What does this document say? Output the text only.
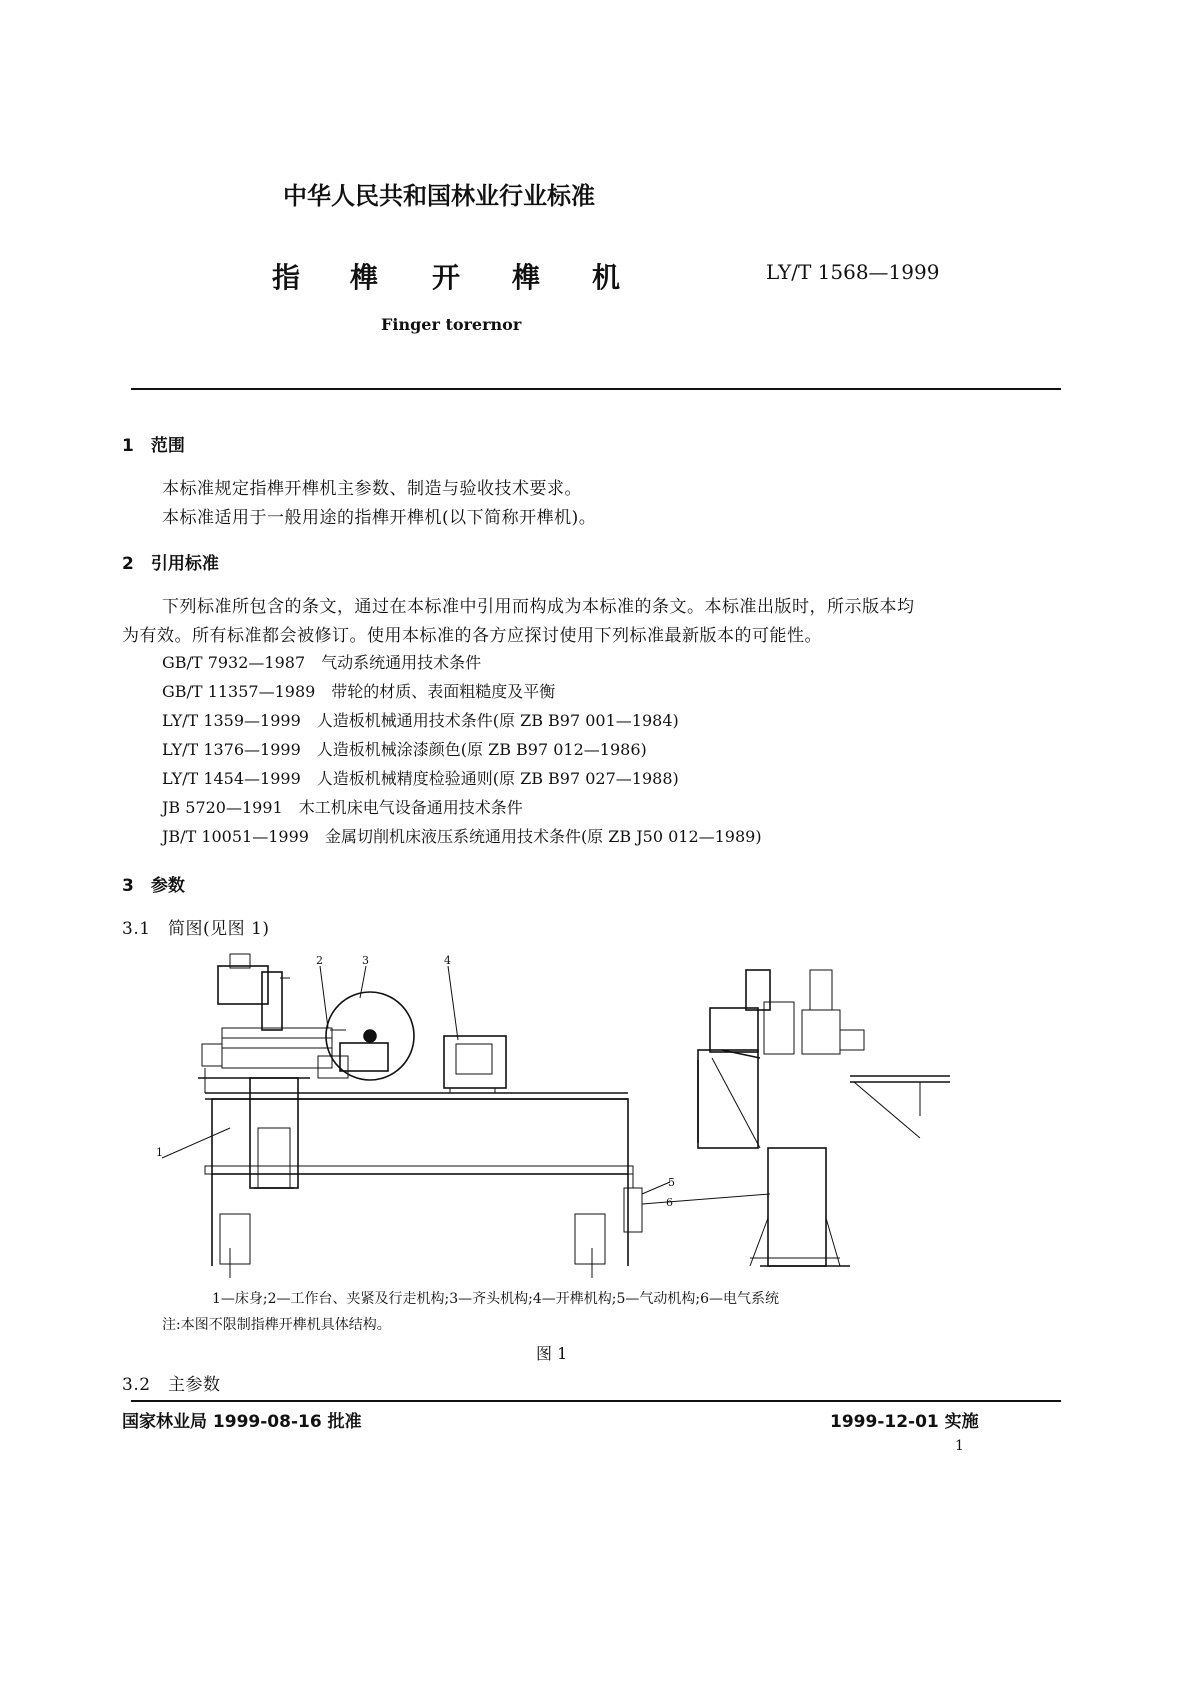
中华人民共和国林业行业标准
指 榫 开 榫 机	LY/T 1568—1999
Finger torernor
1　范围
本标准规定指榫开榫机主参数、制造与验收技术要求。
本标准适用于一般用途的指榫开榫机(以下简称开榫机)。
2　引用标准
下列标准所包含的条文，通过在本标准中引用而构成为本标准的条文。本标准出版时，所示版本均
为有效。所有标准都会被修订。使用本标准的各方应探讨使用下列标准最新版本的可能性。
GB/T 7932—1987　气动系统通用技术条件
GB/T 11357—1989　带轮的材质、表面粗糙度及平衡
LY/T 1359—1999　人造板机械通用技术条件(原 ZB B97 001—1984)
LY/T 1376—1999　人造板机械涂漆颜色(原 ZB B97 012—1986)
LY/T 1454—1999　人造板机械精度检验通则(原 ZB B97 027—1988)
JB 5720—1991　木工机床电气设备通用技术条件
JB/T 10051—1999　金属切削机床液压系统通用技术条件(原 ZB J50 012—1989)
3　参数
3.1　简图(见图 1)
1
2	3	4
5
6
1—床身;2—工作台、夹紧及行走机构;3—齐头机构;4—开榫机构;5—气动机构;6—电气系统
注:本图不限制指榫开榫机具体结构。
图 1
3.2　主参数
国家林业局 1999-08-16 批准	1999-12-01 实施
1
